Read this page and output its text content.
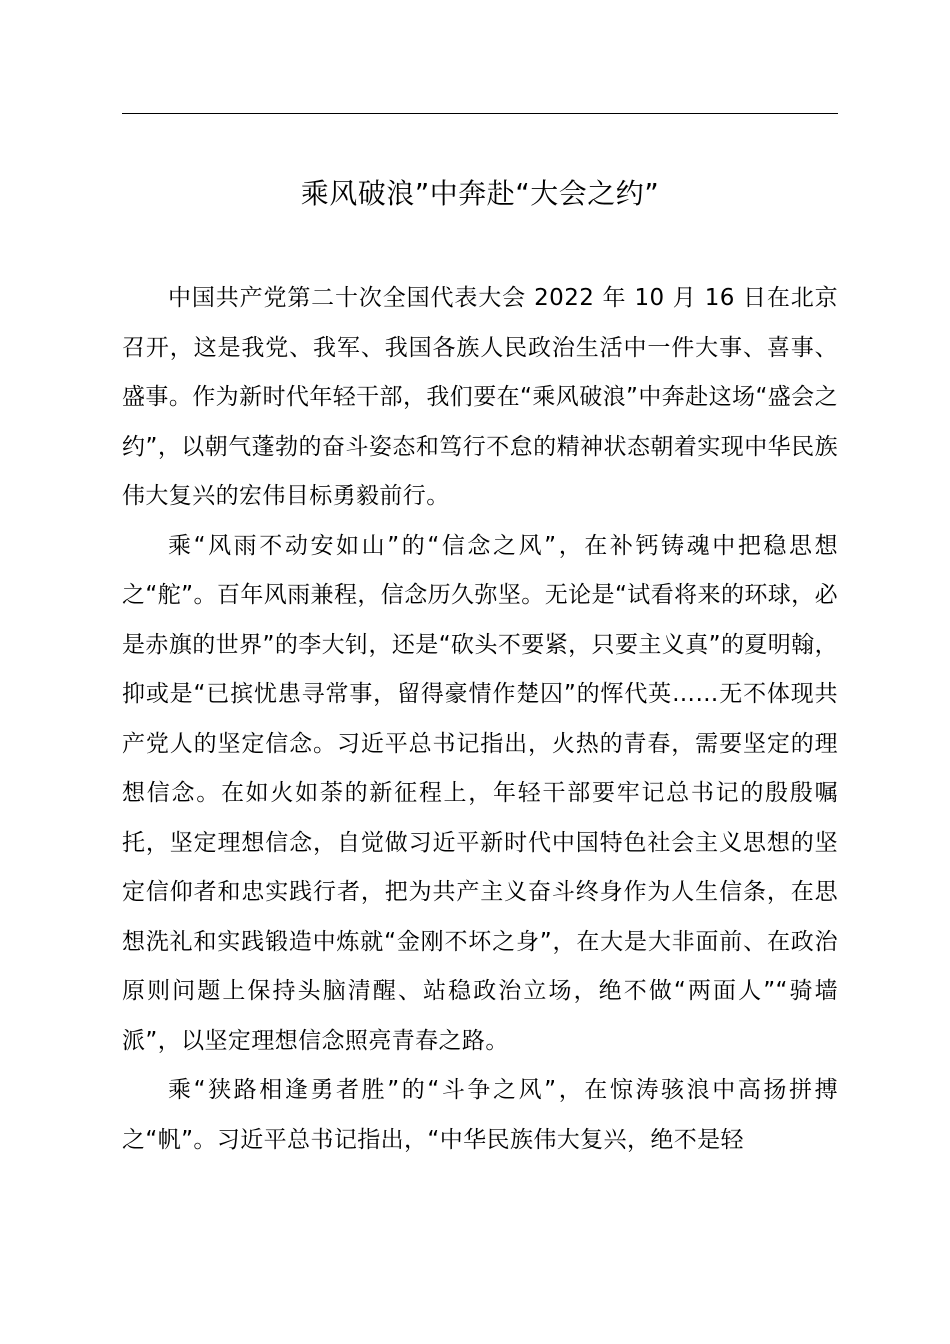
乘风破浪”中奔赴“大会之约”

中国共产党第二十次全国代表大会 2022 年 10 月 16 日在北京召开，这是我党、我军、我国各族人民政治生活中一件大事、喜事、盛事。作为新时代年轻干部，我们要在“乘风破浪”中奔赴这场“盛会之约”，以朝气蓬勃的奋斗姿态和笃行不怠的精神状态朝着实现中华民族伟大复兴的宏伟目标勇毅前行。

乘“风雨不动安如山”的“信念之风”，在补钙铸魂中把稳思想之“舵”。百年风雨兼程，信念历久弥坚。无论是“试看将来的环球，必是赤旗的世界”的李大钊，还是“砍头不要紧，只要主义真”的夏明翰，抑或是“已摈忧患寻常事，留得豪情作楚囚”的恽代英……无不体现共产党人的坚定信念。习近平总书记指出，火热的青春，需要坚定的理想信念。在如火如荼的新征程上，年轻干部要牢记总书记的殷殷嘱托，坚定理想信念，自觉做习近平新时代中国特色社会主义思想的坚定信仰者和忠实践行者，把为共产主义奋斗终身作为人生信条，在思想洗礼和实践锻造中炼就“金刚不坏之身”，在大是大非面前、在政治原则问题上保持头脑清醒、站稳政治立场，绝不做“两面人”“骑墙派”，以坚定理想信念照亮青春之路。

乘“狭路相逢勇者胜”的“斗争之风”，在惊涛骇浪中高扬拼搏之“帆”。习近平总书记指出，“中华民族伟大复兴，绝不是轻
